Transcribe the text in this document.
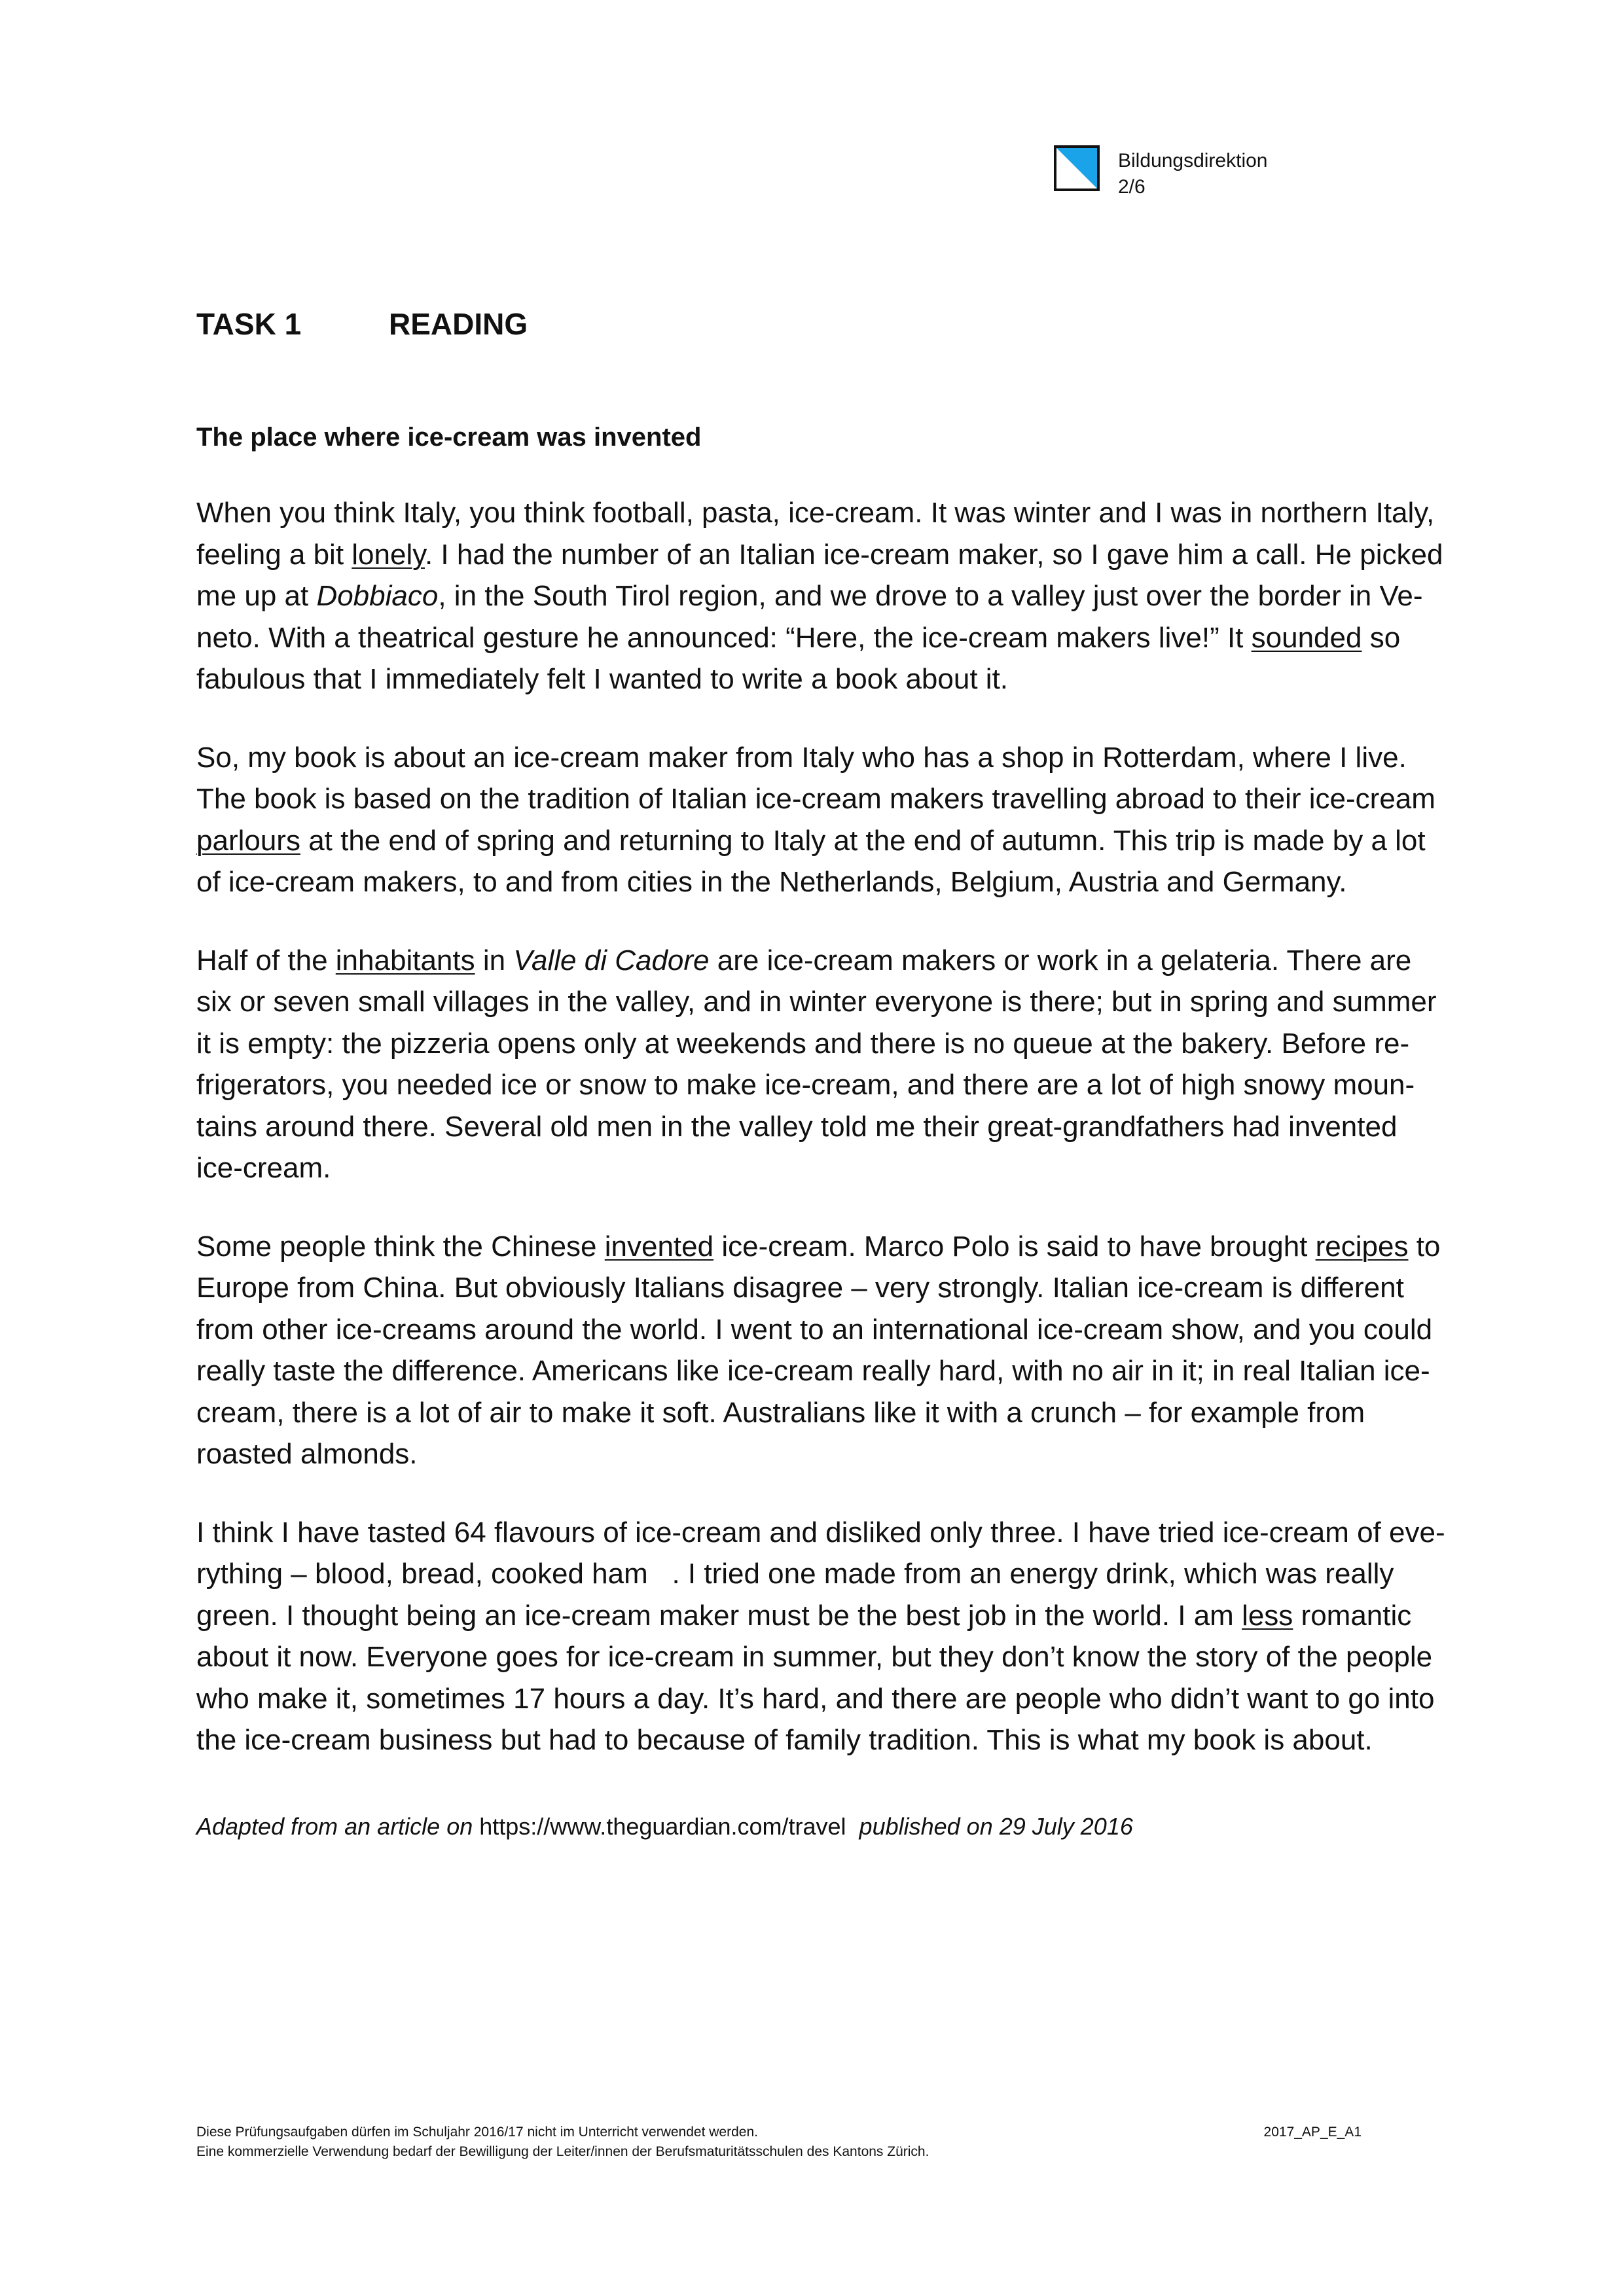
Bildungsdirektion
2/6
TASK 1	READING
The place where ice-cream was invented

When you think Italy, you think football, pasta, ice-cream. It was winter and I was in northern Italy,
feeling a bit lonely. I had the number of an Italian ice-cream maker, so I gave him a call. He picked
me up at Dobbiaco, in the South Tirol region, and we drove to a valley just over the border in Ve-
neto. With a theatrical gesture he announced: “Here, the ice-cream makers live!” It sounded so
fabulous that I immediately felt I wanted to write a book about it.

So, my book is about an ice-cream maker from Italy who has a shop in Rotterdam, where I live.
The book is based on the tradition of Italian ice-cream makers travelling abroad to their ice-cream
parlours at the end of spring and returning to Italy at the end of autumn. This trip is made by a lot
of ice-cream makers, to and from cities in the Netherlands, Belgium, Austria and Germany.

Half of the inhabitants in Valle di Cadore are ice-cream makers or work in a gelateria. There are
six or seven small villages in the valley, and in winter everyone is there; but in spring and summer
it is empty: the pizzeria opens only at weekends and there is no queue at the bakery. Before re-
frigerators, you needed ice or snow to make ice-cream, and there are a lot of high snowy moun-
tains around there. Several old men in the valley told me their great-grandfathers had invented
ice-cream.

Some people think the Chinese invented ice-cream. Marco Polo is said to have brought recipes to
Europe from China. But obviously Italians disagree – very strongly. Italian ice-cream is different
from other ice-creams around the world. I went to an international ice-cream show, and you could
really taste the difference. Americans like ice-cream really hard, with no air in it; in real Italian ice-
cream, there is a lot of air to make it soft. Australians like it with a crunch – for example from
roasted almonds.

I think I have tasted 64 flavours of ice-cream and disliked only three. I have tried ice-cream of eve-
rything – blood, bread, cooked ham   . I tried one made from an energy drink, which was really
green. I thought being an ice-cream maker must be the best job in the world. I am less romantic
about it now. Everyone goes for ice-cream in summer, but they don’t know the story of the people
who make it, sometimes 17 hours a day. It’s hard, and there are people who didn’t want to go into
the ice-cream business but had to because of family tradition. This is what my book is about.

Adapted from an article on https://www.theguardian.com/travel published on 29 July 2016
Diese Prüfungsaufgaben dürfen im Schuljahr 2016/17 nicht im Unterricht verwendet werden.	2017_AP_E_A1
Eine kommerzielle Verwendung bedarf der Bewilligung der Leiter/innen der Berufsmaturitätsschulen des Kantons Zürich.
